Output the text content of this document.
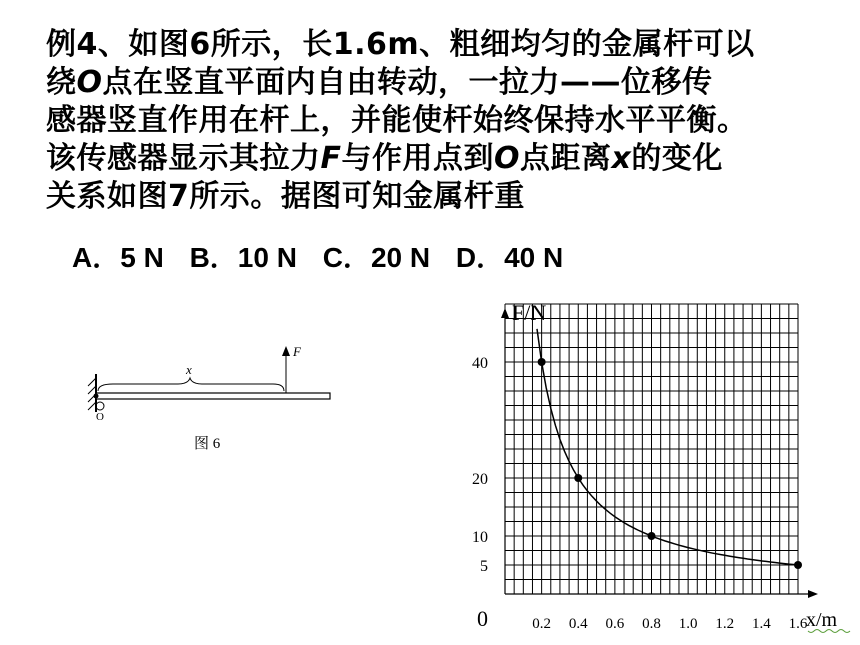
例4、如图6所示，长1.6m、粗细均匀的金属杆可以
绕O点在竖直平面内自由转动，一拉力——位移传
感器竖直作用在杆上，并能使杆始终保持水平平衡。
该传感器显示其拉力F与作用点到O点距离x的变化
关系如图7所示。据图可知金属杆重
A．5 N B．10 N C．20 N D．40 N
O
x
F
图 6
F/N
x/m
0	0.2 0.4 0.6 0.8 1.0 1.2 1.4 1.6
5
10
20
40
